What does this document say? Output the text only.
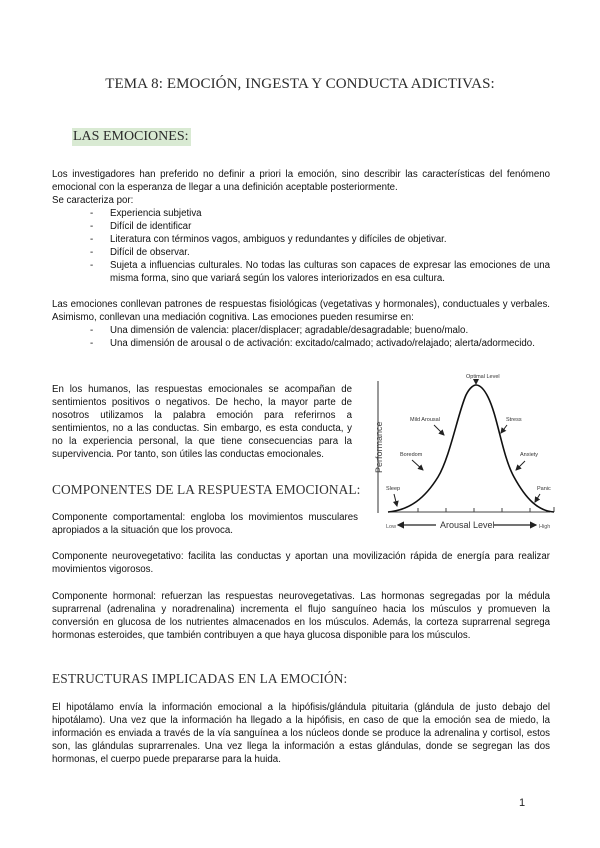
TEMA 8: EMOCIÓN, INGESTA Y CONDUCTA ADICTIVAS:
LAS EMOCIONES:

Los investigadores han preferido no definir a priori la emoción, sino describir las características del fenómeno emocional con la esperanza de llegar a una definición aceptable posteriormente.

Se caracteriza por:

- Experiencia subjetiva
- Difícil de identificar
- Literatura con términos vagos, ambiguos y redundantes y difíciles de objetivar.
- Difícil de observar.
- Sujeta a influencias culturales. No todas las culturas son capaces de expresar las emociones de una misma forma, sino que variará según los valores interiorizados en esa cultura.

Las emociones conllevan patrones de respuestas fisiológicas (vegetativas y hormonales), conductuales y verbales. Asimismo, conllevan una mediación cognitiva. Las emociones pueden resumirse en:

- Una dimensión de valencia: placer/displacer; agradable/desagradable; bueno/malo.
- Una dimensión de arousal o de activación: excitado/calmado; activado/relajado; alerta/adormecido.

En los humanos, las respuestas emocionales se acompañan de sentimientos positivos o negativos. De hecho, la mayor parte de nosotros utilizamos la palabra emoción para referirnos a sentimientos, no a las conductas. Sin embargo, es esta conducta, y no la experiencia personal, la que tiene consecuencias para la supervivencia. Por tanto, son útiles las conductas emocionales.	Performance
Optimal Level
Mild Arousal	Stress
Boredom	Anxiety
Sleep	Panic
Low	Arousal Level	High
COMPONENTES DE LA RESPUESTA EMOCIONAL:

Componente comportamental: engloba los movimientos musculares apropiados a la situación que los provoca.

Componente neurovegetativo: facilita las conductas y aportan una movilización rápida de energía para realizar movimientos vigorosos.

Componente hormonal: refuerzan las respuestas neurovegetativas. Las hormonas segregadas por la médula suprarrenal (adrenalina y noradrenalina) incrementa el flujo sanguíneo hacia los músculos y promueven la conversión en glucosa de los nutrientes almacenados en los músculos. Además, la corteza suprarrenal segrega hormonas esteroides, que también contribuyen a que haya glucosa disponible para los músculos.

ESTRUCTURAS IMPLICADAS EN LA EMOCIÓN:

El hipotálamo envía la información emocional a la hipófisis/glándula pituitaria (glándula de justo debajo del hipotálamo). Una vez que la información ha llegado a la hipófisis, en caso de que la emoción sea de miedo, la información es enviada a través de la vía sanguínea a los núcleos donde se produce la adrenalina y cortisol, estos son, las glándulas suprarrenales. Una vez llega la información a estas glándulas, donde se segregan las dos hormonas, el cuerpo puede prepararse para la huida.

1
